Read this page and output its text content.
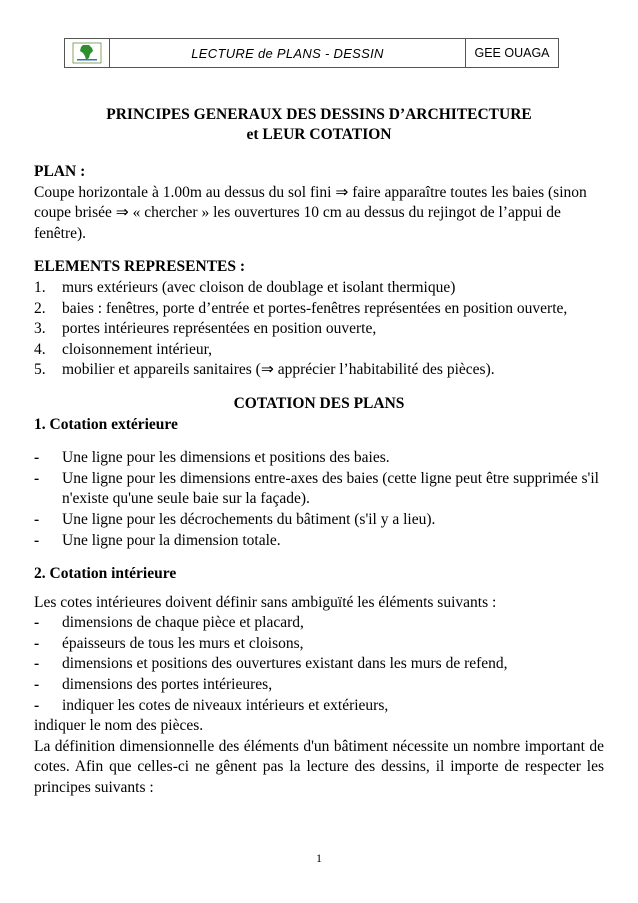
LECTURE de PLANS - DESSIN	GEE OUAGA
PRINCIPES GENERAUX DES DESSINS D’ARCHITECTURE
et LEUR COTATION

PLAN :

Coupe horizontale à 1.00m au dessus du sol fini ⇒ faire apparaître toutes les baies (sinon coupe brisée ⇒ « chercher » les ouvertures 10 cm au dessus du rejingot de l’appui de fenêtre).

ELEMENTS REPRESENTES :

1.	murs extérieurs (avec cloison de doublage et isolant thermique)
2.	baies : fenêtres, porte d’entrée et portes-fenêtres représentées en position ouverte,
3.	portes intérieures représentées en position ouverte,
4.	cloisonnement intérieur,
5.	mobilier et appareils sanitaires (⇒ apprécier l’habitabilité des pièces).

COTATION DES PLANS

1. Cotation extérieure

-	Une ligne pour les dimensions et positions des baies.
-	Une ligne pour les dimensions entre-axes des baies (cette ligne peut être supprimée s'il n'existe qu'une seule baie sur la façade).
-	Une ligne pour les décrochements du bâtiment (s'il y a lieu).
-	Une ligne pour la dimension totale.

2. Cotation intérieure

Les cotes intérieures doivent définir sans ambiguïté les éléments suivants :

-	dimensions de chaque pièce et placard,
-	épaisseurs de tous les murs et cloisons,
-	dimensions et positions des ouvertures existant dans les murs de refend,
-	dimensions des portes intérieures,
-	indiquer les cotes de niveaux intérieurs et extérieurs,

indiquer le nom des pièces.

La définition dimensionnelle des éléments d'un bâtiment nécessite un nombre important de cotes. Afin que celles-ci ne gênent pas la lecture des dessins, il importe de respecter les principes suivants :

1
